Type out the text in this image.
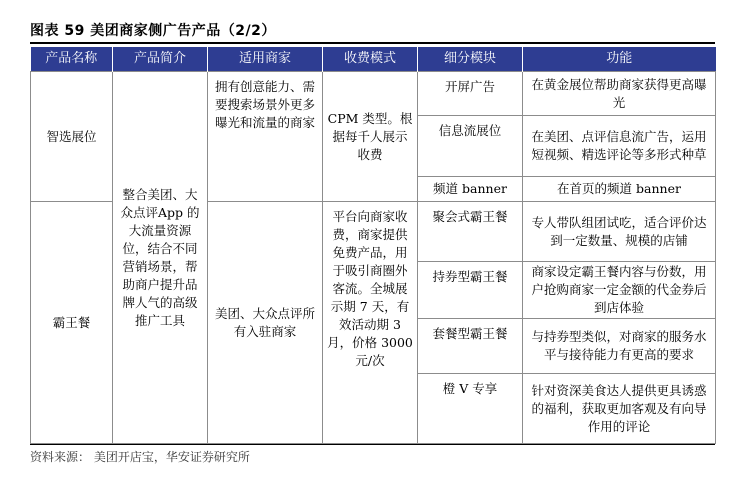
图表 59 美团商家侧广告产品（2/2）
产品名称	产品简介	适用商家	收费模式	细分模块	功能
智选展位	整合美团、大众点评App 的大流量资源位，结合不同营销场景，帮助商户提升品牌人气的高级推广工具	拥有创意能力、需要搜索场景外更多曝光和流量的商家	CPM 类型。根据每千人展示收费	开屏广告	在黄金展位帮助商家获得更高曝光
				信息流展位	在美团、点评信息流广告，运用短视频、精选评论等多形式种草
				频道 banner	在首页的频道 banner
霸王餐		美团、大众点评所有入驻商家	平台向商家收费，商家提供免费产品，用于吸引商圈外客流。全城展示期 7 天，有效活动期 3 月，价格 3000 元/次	聚会式霸王餐	专人带队组团试吃，适合评价达到一定数量、规模的店铺
				持券型霸王餐	商家设定霸王餐内容与份数，用户抢购商家一定金额的代金券后到店体验
				套餐型霸王餐	与持券型类似，对商家的服务水平与接待能力有更高的要求
				橙 V 专享	针对资深美食达人提供更具诱惑的福利，获取更加客观及有向导作用的评论
资料来源： 美团开店宝，华安证券研究所
